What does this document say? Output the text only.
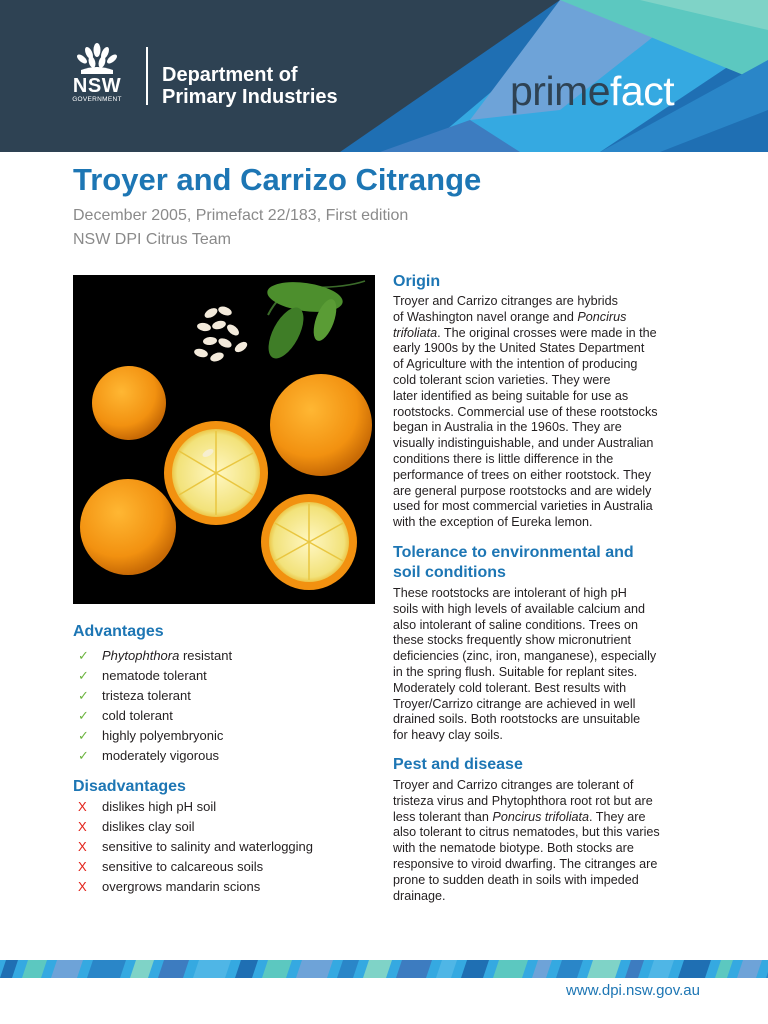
NSW
GOVERNMENT
Department of
Primary Industries	primefact
Troyer and Carrizo Citrange
December 2005, Primefact 22/183, First edition
NSW DPI Citrus Team
Advantages
✓	Phytophthora resistant
✓	nematode tolerant
✓	tristeza tolerant
✓	cold tolerant
✓	highly polyembryonic
✓	moderately vigorous
Disadvantages
X	dislikes high pH soil
X	dislikes clay soil
X	sensitive to salinity and waterlogging
X	sensitive to calcareous soils
X	overgrows mandarin scions
Origin

Troyer and Carrizo citranges are hybrids

of Washington navel orange and Poncirus

trifoliata. The original crosses were made in the

early 1900s by the United States Department

of Agriculture with the intention of producing

cold tolerant scion varieties. They were

later identified as being suitable for use as

rootstocks. Commercial use of these rootstocks

began in Australia in the 1960s. They are

visually indistinguishable, and under Australian

conditions there is little difference in the

performance of trees on either rootstock. They

are general purpose rootstocks and are widely

used for most commercial varieties in Australia

with the exception of Eureka lemon.

Tolerance to environmental and
soil conditions

These rootstocks are intolerant of high pH

soils with high levels of available calcium and

also intolerant of saline conditions. Trees on

these stocks frequently show micronutrient

deficiencies (zinc, iron, manganese), especially

in the spring flush. Suitable for replant sites.

Moderately cold tolerant. Best results with

Troyer/Carrizo citrange are achieved in well

drained soils. Both rootstocks are unsuitable

for heavy clay soils.

Pest and disease

Troyer and Carrizo citranges are tolerant of

tristeza virus and Phytophthora root rot but are

less tolerant than Poncirus trifoliata. They are

also tolerant to citrus nematodes, but this varies

with the nematode biotype. Both stocks are

responsive to viroid dwarfing. The citranges are

prone to sudden death in soils with impeded

drainage.

www.dpi.nsw.gov.au
